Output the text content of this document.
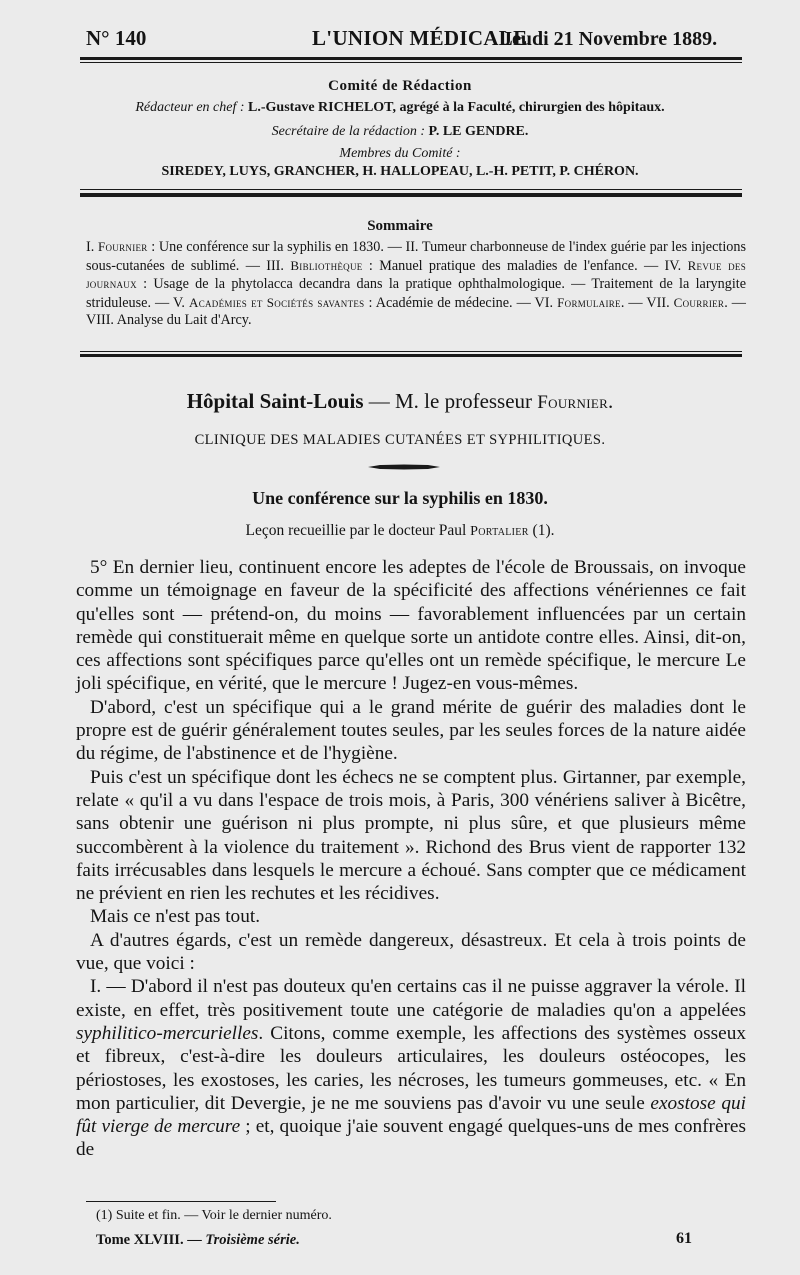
N° 140	L'UNION MÉDICALE
Jeudi 21 Novembre 1889.
Comité de Rédaction
Rédacteur en chef : L.-Gustave RICHELOT, agrégé à la Faculté, chirurgien des hôpitaux.
Secrétaire de la rédaction : P. LE GENDRE.
Membres du Comité :
SIREDEY, LUYS, GRANCHER, H. HALLOPEAU, L.-H. PETIT, P. CHÉRON.
Sommaire
I. Fournier : Une conférence sur la syphilis en 1830. — II. Tumeur charbonneuse de l'index guérie par les injections sous-cutanées de sublimé. — III. Bibliothèque : Manuel pratique des maladies de l'enfance. — IV. Revue des journaux : Usage de la phytolacca decandra dans la pratique ophthalmologique. — Traitement de la laryngite striduleuse. — V. Académies et Sociétés savantes : Académie de médecine. — VI. Formulaire. — VII. Courrier. — VIII. Analyse du Lait d'Arcy.
Hôpital Saint-Louis — M. le professeur Fournier.
CLINIQUE DES MALADIES CUTANÉES ET SYPHILITIQUES.
Une conférence sur la syphilis en 1830.
Leçon recueillie par le docteur Paul Portalier (1).

5° En dernier lieu, continuent encore les adeptes de l'école de Broussais, on invoque comme un témoignage en faveur de la spécificité des affections vénériennes ce fait qu'elles sont — prétend-on, du moins — favorablement influencées par un certain remède qui constituerait même en quelque sorte un antidote contre elles. Ainsi, dit-on, ces affections sont spécifiques parce qu'elles ont un remède spécifique, le mercure Le joli spécifique, en vérité, que le mercure ! Jugez-en vous-mêmes.

D'abord, c'est un spécifique qui a le grand mérite de guérir des maladies dont le propre est de guérir généralement toutes seules, par les seules forces de la nature aidée du régime, de l'abstinence et de l'hygiène.

Puis c'est un spécifique dont les échecs ne se comptent plus. Girtanner, par exemple, relate « qu'il a vu dans l'espace de trois mois, à Paris, 300 vénériens saliver à Bicêtre, sans obtenir une guérison ni plus prompte, ni plus sûre, et que plusieurs même succombèrent à la violence du traitement ». Richond des Brus vient de rapporter 132 faits irrécusables dans lesquels le mercure a échoué. Sans compter que ce médicament ne prévient en rien les rechutes et les récidives.

Mais ce n'est pas tout.

A d'autres égards, c'est un remède dangereux, désastreux. Et cela à trois points de vue, que voici :

I. — D'abord il n'est pas douteux qu'en certains cas il ne puisse aggraver la vérole. Il existe, en effet, très positivement toute une catégorie de maladies qu'on a appelées syphilitico-mercurielles. Citons, comme exemple, les affections des systèmes osseux et fibreux, c'est-à-dire les douleurs articulaires, les douleurs ostéocopes, les périostoses, les exostoses, les caries, les nécroses, les tumeurs gommeuses, etc. « En mon particulier, dit Devergie, je ne me souviens pas d'avoir vu une seule exostose qui fût vierge de mercure ; et, quoique j'aie souvent engagé quelques-uns de mes confrères de

(1) Suite et fin. — Voir le dernier numéro.
Tome XLVIII. — Troisième série.	61
